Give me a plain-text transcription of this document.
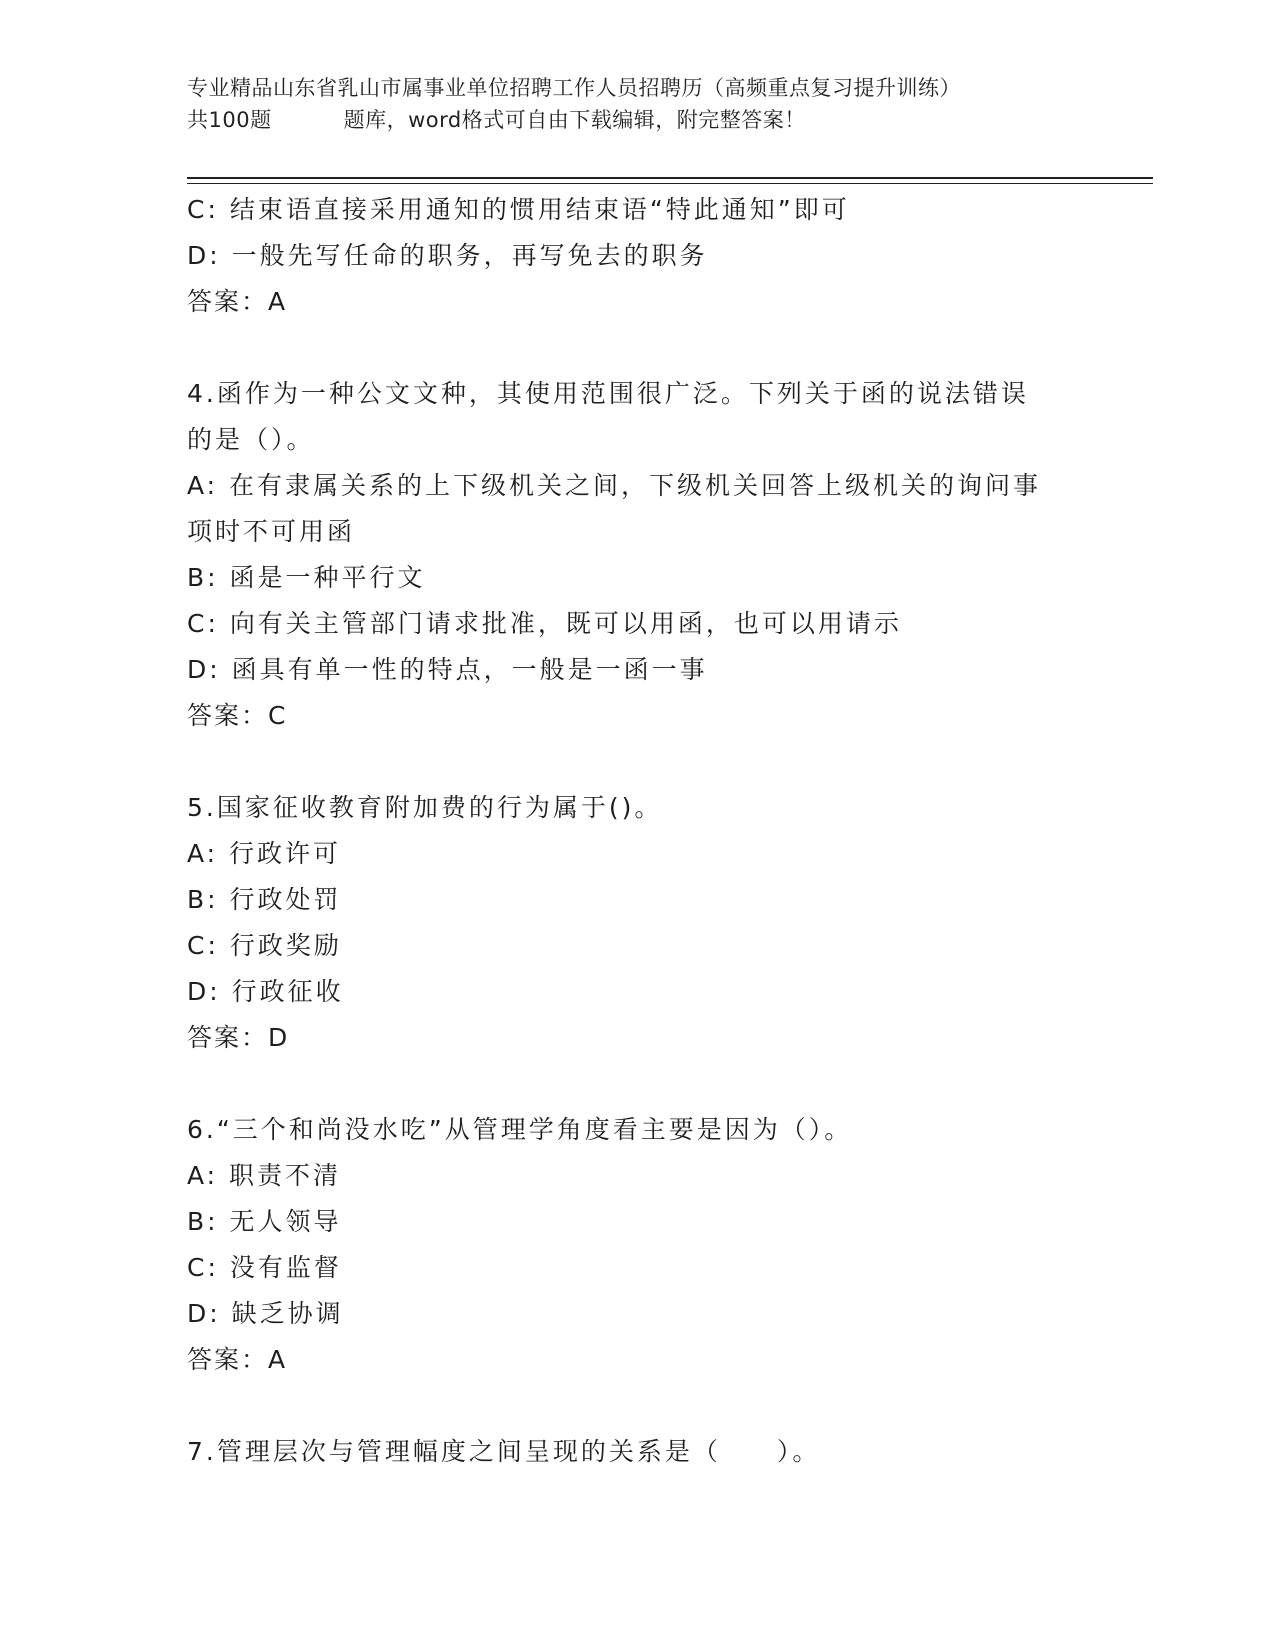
专业精品山东省乳山市属事业单位招聘工作人员招聘历（高频重点复习提升训练）
共100题	题库，word格式可自由下载编辑，附完整答案！
C: 结束语直接采用通知的惯用结束语“特此通知”即可
D: 一般先写任命的职务，再写免去的职务
答案：A
4.函作为一种公文文种，其使用范围很广泛。下列关于函的说法错误
的是（）。
A: 在有隶属关系的上下级机关之间，下级机关回答上级机关的询问事
项时不可用函
B: 函是一种平行文
C: 向有关主管部门请求批准，既可以用函，也可以用请示
D: 函具有单一性的特点，一般是一函一事
答案：C
5.国家征收教育附加费的行为属于()。
A: 行政许可
B: 行政处罚
C: 行政奖励
D: 行政征收
答案：D
6.“三个和尚没水吃”从管理学角度看主要是因为（）。
A: 职责不清
B: 无人领导
C: 没有监督
D: 缺乏协调
答案：A
7.管理层次与管理幅度之间呈现的关系是（　　）。
